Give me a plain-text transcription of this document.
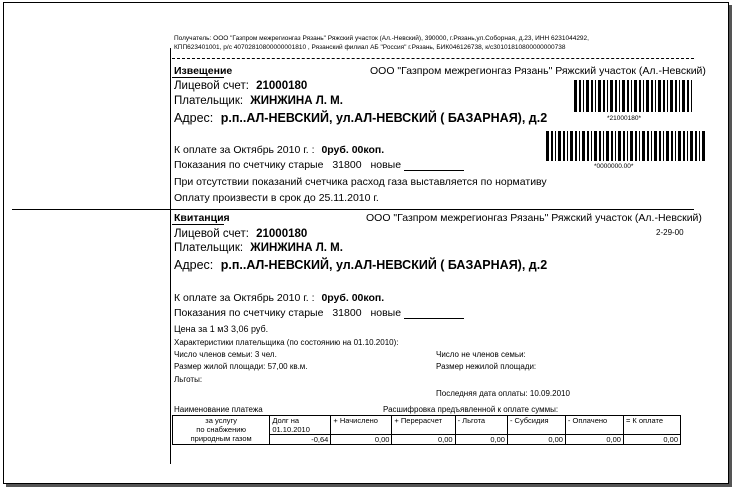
Получатель: ООО "Газпром межрегионгаз Рязань" Ряжский участок (Ал.-Невский), 390000, г.Рязань,ул.Соборная, д.23, ИНН 6231044292,
КПП623401001, р/с 40702810800000001810 , Рязанский филиал АБ "Россия" г.Рязань, БИК046126738, к/с30101810800000000738
Извещение	ООО "Газпром межрегионгаз Рязань" Ряжский участок (Ал.-Невский)
Лицевой счет: 21000180
Плательщик: ЖИНЖИНА Л. М.
Адрес: р.п..АЛ-НЕВСКИЙ, ул.АЛ-НЕВСКИЙ ( БАЗАРНАЯ), д.2	*21000180*
*0000000.00*
К оплате за Октябрь 2010 г. : 0руб. 00коп.
Показания по счетчику старые 31800 новые
При отсутствии показаний счетчика расход газа выставляется по нормативу
Оплату произвести в срок до 25.11.2010 г.
Квитанция	ООО "Газпром межрегионгаз Рязань" Ряжский участок (Ал.-Невский)
2-29-00
Лицевой счет: 21000180
Плательщик: ЖИНЖИНА Л. М.
Адрес: р.п..АЛ-НЕВСКИЙ, ул.АЛ-НЕВСКИЙ ( БАЗАРНАЯ), д.2
К оплате за Октябрь 2010 г. : 0руб. 00коп.
Показания по счетчику старые 31800 новые
Цена за 1 м3 3,06 руб.
Характеристики плательщика (по состоянию на 01.10.2010):
Число членов семьи: 3 чел.	Число не членов семьи:
Размер жилой площади: 57,00 кв.м.	Размер нежилой площади:
Льготы:
Последняя дата оплаты: 10.09.2010
Наименование платежа	Расшифровка предъявленной к оплате суммы:
за услугу
по снабжению
природным газом	Долг на 01.10.2010	+ Начислено	+ Перерасчет	- Льгота	- Субсидия	- Оплачено	= К оплате
	-0,64	0,00	0,00	0,00	0,00	0,00	0,00
